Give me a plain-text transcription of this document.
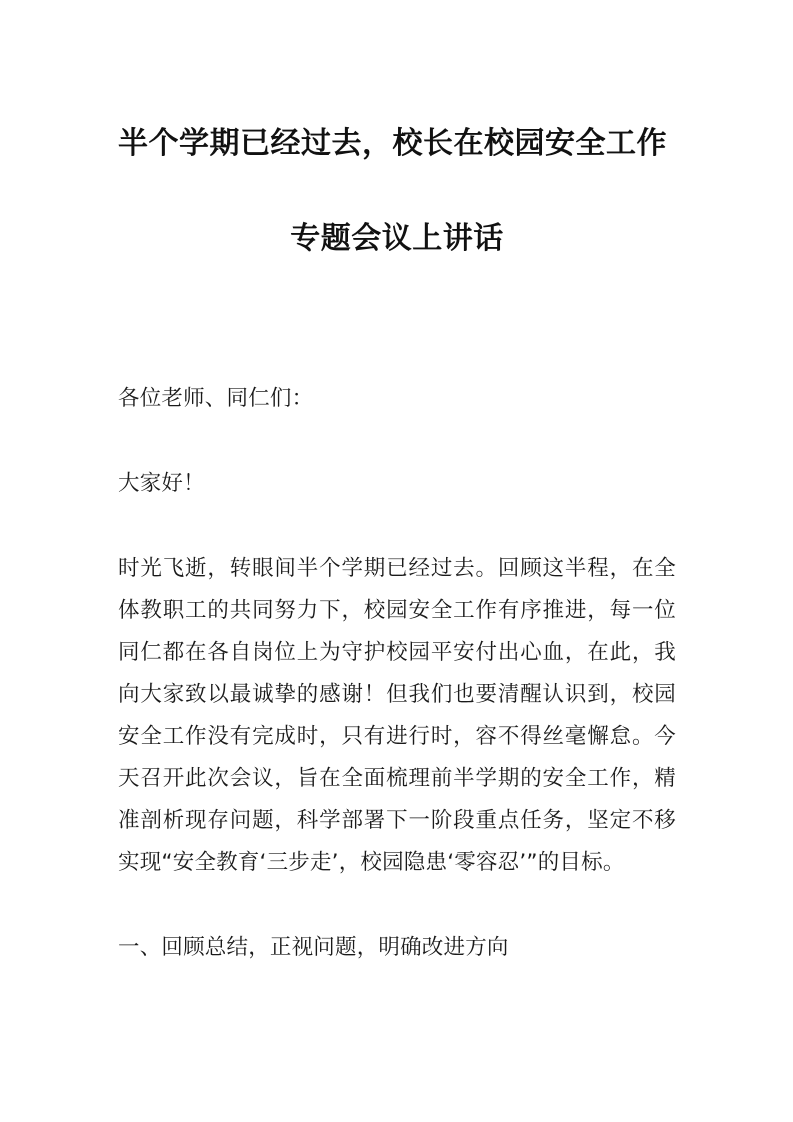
半个学期已经过去，校长在校园安全工作
专题会议上讲话

各位老师、同仁们：

大家好！

时光飞逝，转眼间半个学期已经过去。回顾这半程，在全体教职工的共同努力下，校园安全工作有序推进，每一位同仁都在各自岗位上为守护校园平安付出心血，在此，我向大家致以最诚挚的感谢！但我们也要清醒认识到，校园安全工作没有完成时，只有进行时，容不得丝毫懈怠。今天召开此次会议，旨在全面梳理前半学期的安全工作，精准剖析现存问题，科学部署下一阶段重点任务，坚定不移实现“安全教育‘三步走’，校园隐患‘零容忍’”的目标。

一、回顾总结，正视问题，明确改进方向
